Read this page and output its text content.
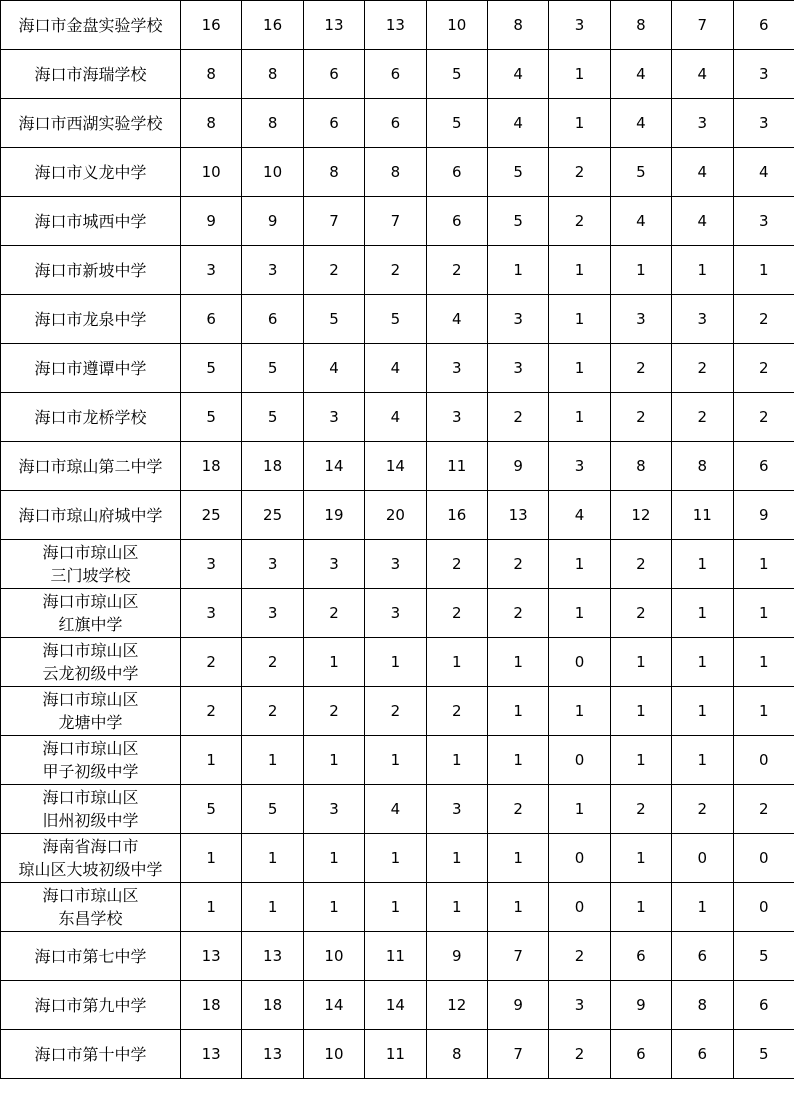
海口市金盘实验学校	16	16	13	13	10	8	3	8	7	6

海口市海瑞学校	8	8	6	6	5	4	1	4	4	3

海口市西湖实验学校	8	8	6	6	5	4	1	4	3	3

海口市义龙中学	10	10	8	8	6	5	2	5	4	4

海口市城西中学	9	9	7	7	6	5	2	4	4	3

海口市新坡中学	3	3	2	2	2	1	1	1	1	1

海口市龙泉中学	6	6	5	5	4	3	1	3	3	2

海口市遵谭中学	5	5	4	4	3	3	1	2	2	2

海口市龙桥学校	5	5	3	4	3	2	1	2	2	2

海口市琼山第二中学	18	18	14	14	11	9	3	8	8	6

海口市琼山府城中学	25	25	19	20	16	13	4	12	11	9

海口市琼山区
三门坡学校	3	3	3	3	2	2	1	2	1	1

海口市琼山区
红旗中学	3	3	2	3	2	2	1	2	1	1

海口市琼山区
云龙初级中学	2	2	1	1	1	1	0	1	1	1

海口市琼山区
龙塘中学	2	2	2	2	2	1	1	1	1	1

海口市琼山区
甲子初级中学	1	1	1	1	1	1	0	1	1	0

海口市琼山区
旧州初级中学	5	5	3	4	3	2	1	2	2	2

海南省海口市
琼山区大坡初级中学	1	1	1	1	1	1	0	1	0	0

海口市琼山区
东昌学校	1	1	1	1	1	1	0	1	1	0

海口市第七中学	13	13	10	11	9	7	2	6	6	5

海口市第九中学	18	18	14	14	12	9	3	9	8	6

海口市第十中学	13	13	10	11	8	7	2	6	6	5
